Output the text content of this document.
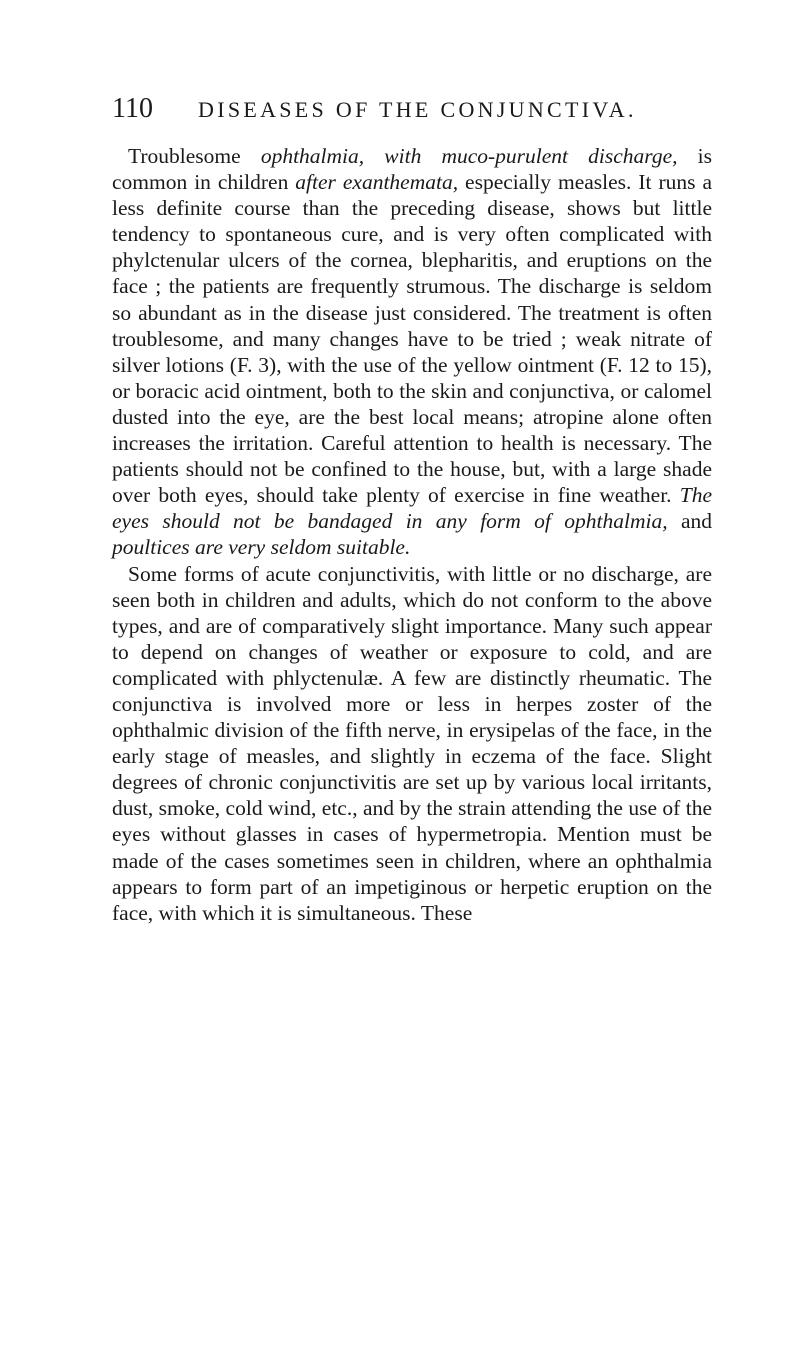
110 DISEASES OF THE CONJUNCTIVA.

Troublesome ophthalmia, with muco-purulent discharge, is common in children after exanthemata, especially measles. It runs a less definite course than the preceding disease, shows but little tendency to spontaneous cure, and is very often complicated with phylctenular ulcers of the cornea, blepharitis, and eruptions on the face ; the patients are frequently strumous. The discharge is seldom so abundant as in the disease just considered. The treatment is often troublesome, and many changes have to be tried ; weak nitrate of silver lotions (F. 3), with the use of the yellow ointment (F. 12 to 15), or boracic acid ointment, both to the skin and conjunctiva, or calomel dusted into the eye, are the best local means; atropine alone often increases the irritation. Careful attention to health is necessary. The patients should not be confined to the house, but, with a large shade over both eyes, should take plenty of exercise in fine weather. The eyes should not be bandaged in any form of ophthalmia, and poultices are very seldom suitable.

Some forms of acute conjunctivitis, with little or no discharge, are seen both in children and adults, which do not conform to the above types, and are of comparatively slight importance. Many such appear to depend on changes of weather or exposure to cold, and are complicated with phlyctenulæ. A few are distinctly rheumatic. The conjunctiva is involved more or less in herpes zoster of the ophthalmic division of the fifth nerve, in erysipelas of the face, in the early stage of measles, and slightly in eczema of the face. Slight degrees of chronic conjunctivitis are set up by various local irritants, dust, smoke, cold wind, etc., and by the strain attending the use of the eyes without glasses in cases of hypermetropia. Mention must be made of the cases sometimes seen in children, where an ophthalmia appears to form part of an impetiginous or herpetic eruption on the face, with which it is simultaneous. These
